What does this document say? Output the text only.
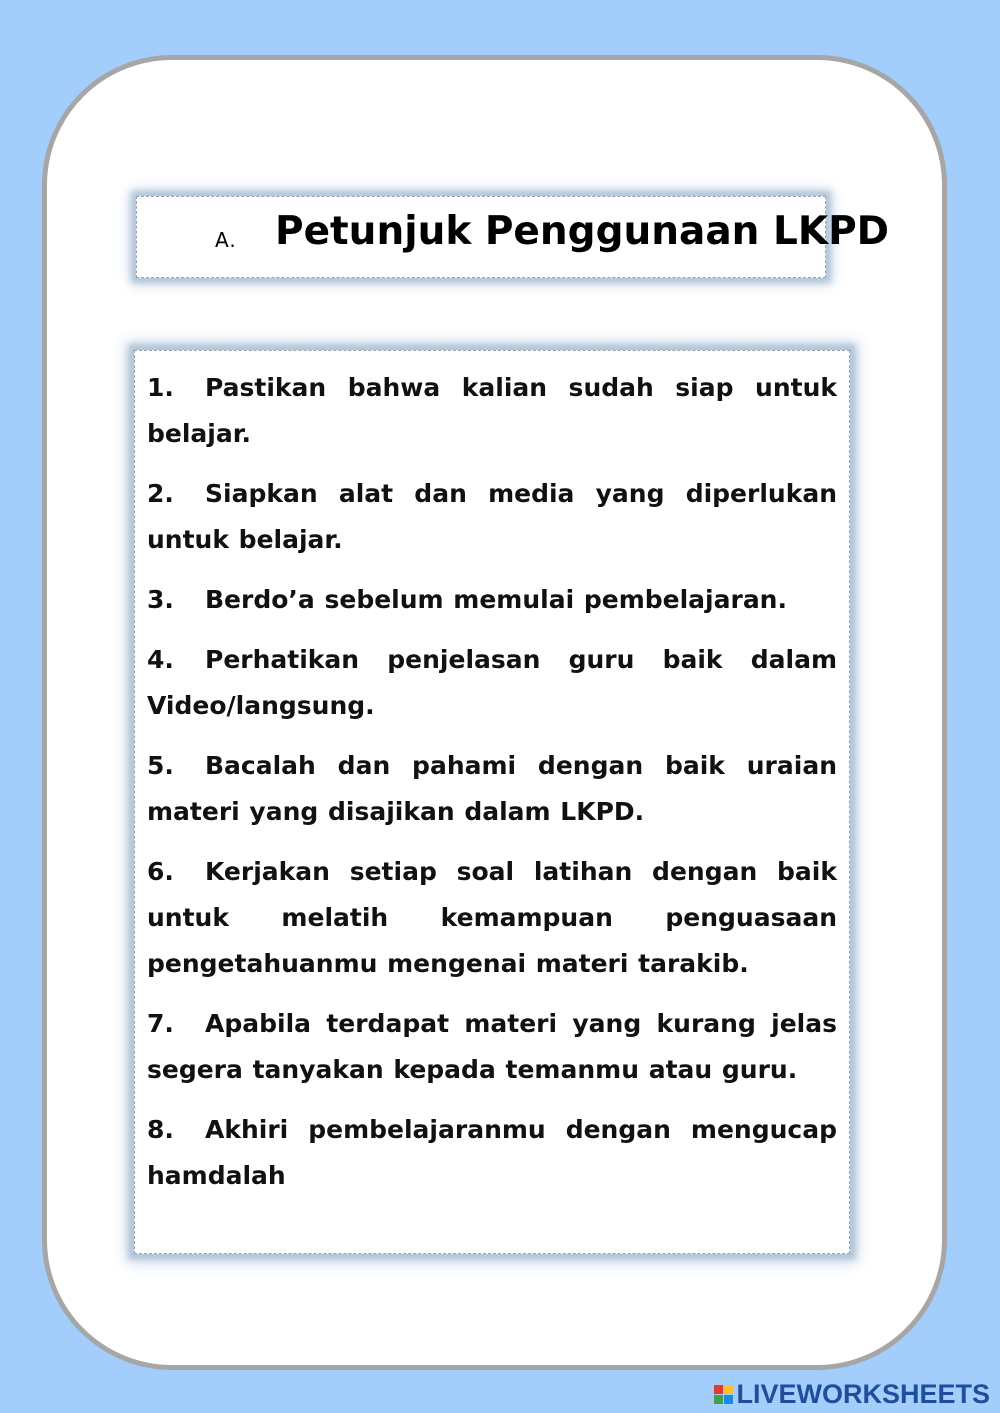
A. Petunjuk Penggunaan LKPD
1. Pastikan bahwa kalian sudah siap untuk belajar.
2. Siapkan alat dan media yang diperlukan untuk belajar.
3. Berdo’a sebelum memulai pembelajaran.
4. Perhatikan penjelasan guru baik dalam Video/langsung.
5. Bacalah dan pahami dengan baik uraian materi yang disajikan dalam LKPD.
6. Kerjakan setiap soal latihan dengan baik untuk melatih kemampuan penguasaan pengetahuanmu mengenai materi tarakib.
7. Apabila terdapat materi yang kurang jelas segera tanyakan kepada temanmu atau guru.
8. Akhiri pembelajaranmu dengan mengucap hamdalah
LIVEWORKSHEETS
